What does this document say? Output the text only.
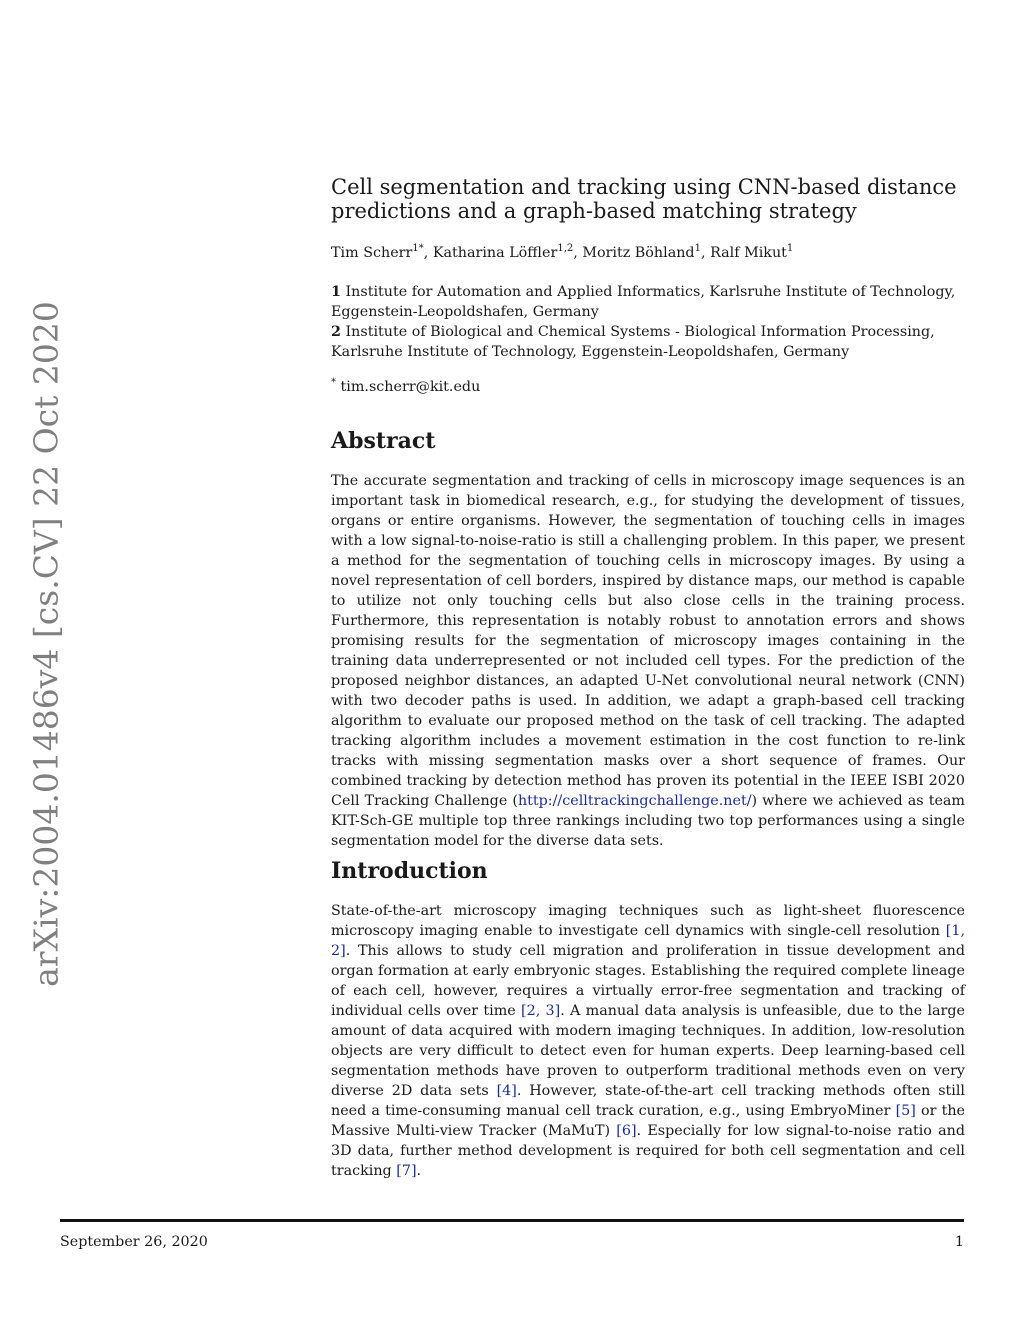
arXiv:2004.01486v4 [cs.CV] 22 Oct 2020
Cell segmentation and tracking using CNN-based distance predictions and a graph-based matching strategy
Tim Scherr$^{1*}$, Katharina Löffler$^{1,2}$, Moritz Böhland$^1$, Ralf Mikut$^1$
1 Institute for Automation and Applied Informatics, Karlsruhe Institute of Technology, Eggenstein-Leopoldshafen, Germany
2 Institute of Biological and Chemical Systems - Biological Information Processing, Karlsruhe Institute of Technology, Eggenstein-Leopoldshafen, Germany
* tim.scherr@kit.edu
Abstract
The accurate segmentation and tracking of cells in microscopy image sequences is an important task in biomedical research, e.g., for studying the development of tissues, organs or entire organisms. However, the segmentation of touching cells in images with a low signal-to-noise-ratio is still a challenging problem. In this paper, we present a method for the segmentation of touching cells in microscopy images. By using a novel representation of cell borders, inspired by distance maps, our method is capable to utilize not only touching cells but also close cells in the training process. Furthermore, this representation is notably robust to annotation errors and shows promising results for the segmentation of microscopy images containing in the training data underrepresented or not included cell types. For the prediction of the proposed neighbor distances, an adapted U-Net convolutional neural network (CNN) with two decoder paths is used. In addition, we adapt a graph-based cell tracking algorithm to evaluate our proposed method on the task of cell tracking. The adapted tracking algorithm includes a movement estimation in the cost function to re-link tracks with missing segmentation masks over a short sequence of frames. Our combined tracking by detection method has proven its potential in the IEEE ISBI 2020 Cell Tracking Challenge (http://celltrackingchallenge.net/) where we achieved as team KIT-Sch-GE multiple top three rankings including two top performances using a single segmentation model for the diverse data sets.
Introduction
State-of-the-art microscopy imaging techniques such as light-sheet fluorescence microscopy imaging enable to investigate cell dynamics with single-cell resolution [1, 2]. This allows to study cell migration and proliferation in tissue development and organ formation at early embryonic stages. Establishing the required complete lineage of each cell, however, requires a virtually error-free segmentation and tracking of individual cells over time [2, 3]. A manual data analysis is unfeasible, due to the large amount of data acquired with modern imaging techniques. In addition, low-resolution objects are very difficult to detect even for human experts. Deep learning-based cell segmentation methods have proven to outperform traditional methods even on very diverse 2D data sets [4]. However, state-of-the-art cell tracking methods often still need a time-consuming manual cell track curation, e.g., using EmbryoMiner [5] or the Massive Multi-view Tracker (MaMuT) [6]. Especially for low signal-to-noise ratio and 3D data, further method development is required for both cell segmentation and cell tracking [7].
September 26, 2020	1
